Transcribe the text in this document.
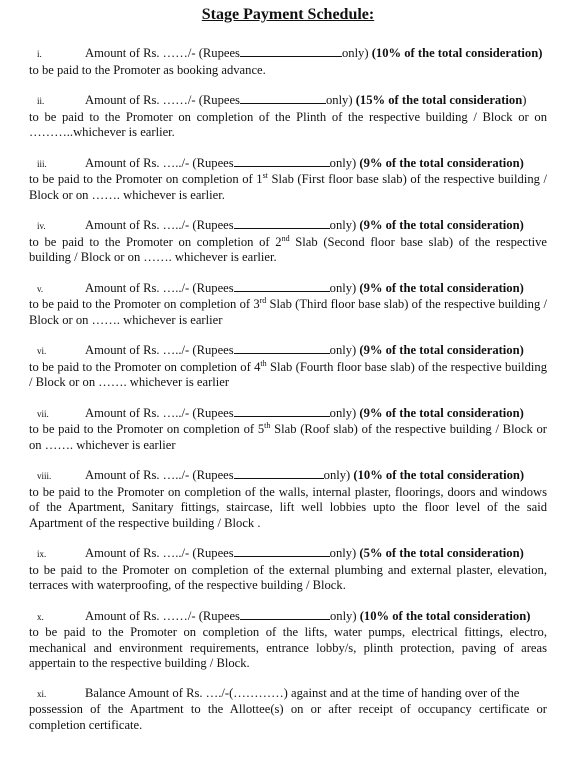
Stage Payment Schedule:
i.	Amount of Rs. ……/- (Rupees	only) (10% of the total consideration)
to be paid to the Promoter as booking advance.
ii.	Amount of Rs. ……/- (Rupees	only) (15% of the total consideration)
to be paid to the Promoter on completion of the Plinth of the respective building / Block or on ………..whichever is earlier.
iii.	Amount of Rs. …../- (Rupees	only) (9% of the total consideration)
to be paid to the Promoter on completion of 1st Slab (First floor base slab) of the respective building / Block or on ……. whichever is earlier.
iv.	Amount of Rs. …../- (Rupees	only) (9% of the total consideration)
to be paid to the Promoter on completion of 2nd Slab (Second floor base slab) of the respective building / Block or on ……. whichever is earlier.
v.	Amount of Rs. …../- (Rupees	only) (9% of the total consideration)
to be paid to the Promoter on completion of 3rd Slab (Third floor base slab) of the respective building / Block or on ……. whichever is earlier
vi.	Amount of Rs. …../- (Rupees	only) (9% of the total consideration)
to be paid to the Promoter on completion of 4th Slab (Fourth floor base slab) of the respective building / Block or on ……. whichever is earlier
vii.	Amount of Rs. …../- (Rupees	only) (9% of the total consideration)
to be paid to the Promoter on completion of 5th Slab (Roof slab) of the respective building / Block or on ……. whichever is earlier
viii.	Amount of Rs. …../- (Rupees	only) (10% of the total consideration)
to be paid to the Promoter on completion of the walls, internal plaster, floorings, doors and windows of the Apartment, Sanitary fittings, staircase, lift well lobbies upto the floor level of the said Apartment of the respective building / Block .
ix.	Amount of Rs. …../- (Rupees	only) (5% of the total consideration)
to be paid to the Promoter on completion of the external plumbing and external plaster, elevation, terraces with waterproofing, of the respective building / Block.
x.	Amount of Rs. ……/- (Rupees	only) (10% of the total consideration)
to be paid to the Promoter on completion of the lifts, water pumps, electrical fittings, electro, mechanical and environment requirements, entrance lobby/s, plinth protection, paving of areas appertain to the respective building / Block.
xi.	Balance Amount of Rs. …./-(…………) against and at the time of handing over of the
possession of the Apartment to the Allottee(s) on or after receipt of occupancy certificate or completion certificate.
